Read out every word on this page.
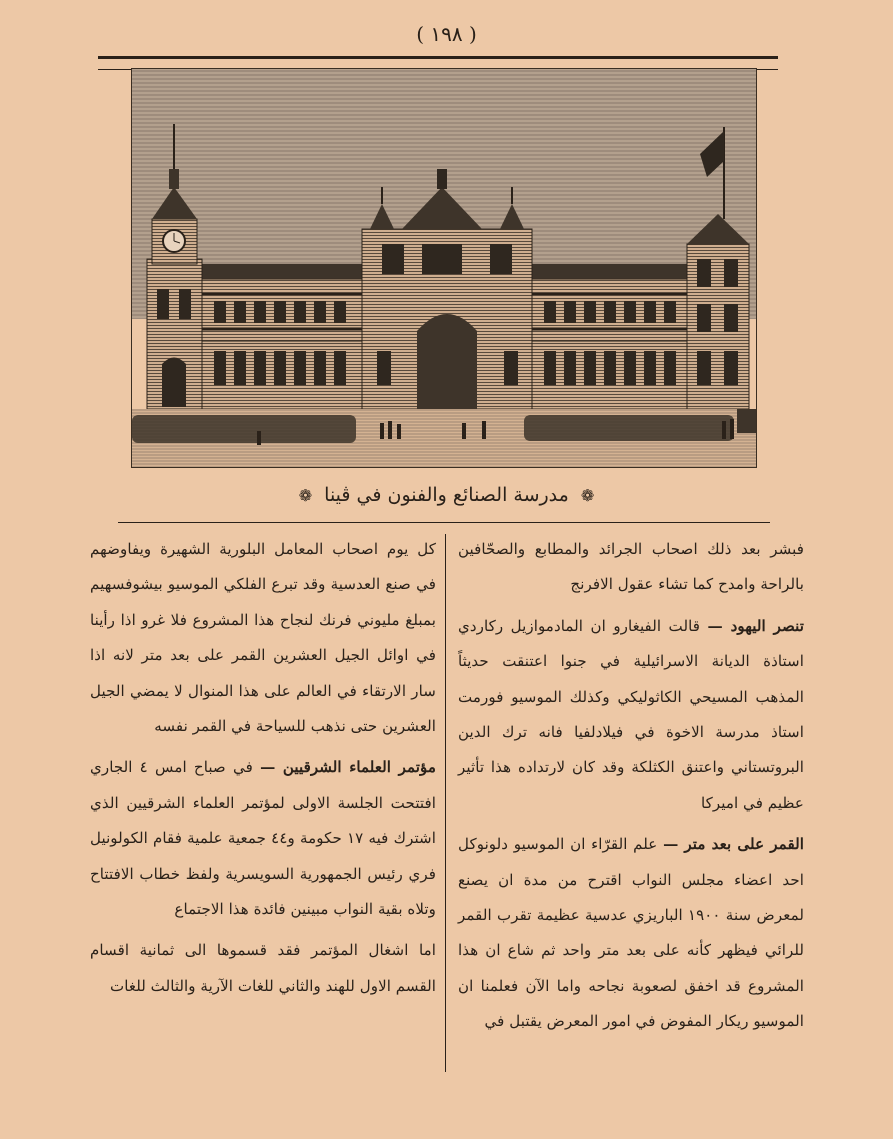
( ١٩٨ )
❁ مدرسة الصنائع والفنون في ڤينا ❁

فبشر بعد ذلك اصحاب الجرائد والمطابع والصحّافين بالراحة وامدح كما تشاء عقول الافرنج

تنصر اليهود — قالت الفيغارو ان المادموازيل ركاردي استاذة الديانة الاسرائيلية في جنوا اعتنقت حديثاً المذهب المسيحي الكاثوليكي وكذلك الموسيو فورمت استاذ مدرسة الاخوة في فيلادلفيا فانه ترك الدين البروتستاني واعتنق الكثلكة وقد كان لارتداده هذا تأثير عظيم في اميركا

القمر على بعد متر — علم القرّاء ان الموسيو دلونوكل احد اعضاء مجلس النواب اقترح من مدة ان يصنع لمعرض سنة ١٩٠٠ الباريزي عدسية عظيمة تقرب القمر للرائي فيظهر كأنه على بعد متر واحد ثم شاع ان هذا المشروع قد اخفق لصعوبة نجاحه واما الآن فعلمنا ان الموسيو ريكار المفوض في امور المعرض يقتبل في

كل يوم اصحاب المعامل البلورية الشهيرة ويفاوضهم في صنع العدسية وقد تبرع الفلكي الموسيو بيشوفسهيم بمبلغ مليوني فرنك لنجاح هذا المشروع فلا غرو اذا رأينا في اوائل الجيل العشرين القمر على بعد متر لانه اذا سار الارتقاء في العالم على هذا المنوال لا يمضي الجيل العشرين حتى نذهب للسياحة في القمر نفسه

مؤتمر العلماء الشرقيين — في صباح امس ٤ الجاري افتتحت الجلسة الاولى لمؤتمر العلماء الشرقيين الذي اشترك فيه ١٧ حكومة و٤٤ جمعية علمية فقام الكولونيل فري رئيس الجمهورية السويسرية ولفظ خطاب الافتتاح وتلاه بقية النواب مبينين فائدة هذا الاجتماع

اما اشغال المؤتمر فقد قسموها الى ثمانية اقسام القسم الاول للهند والثاني للغات الآرية والثالث للغات
